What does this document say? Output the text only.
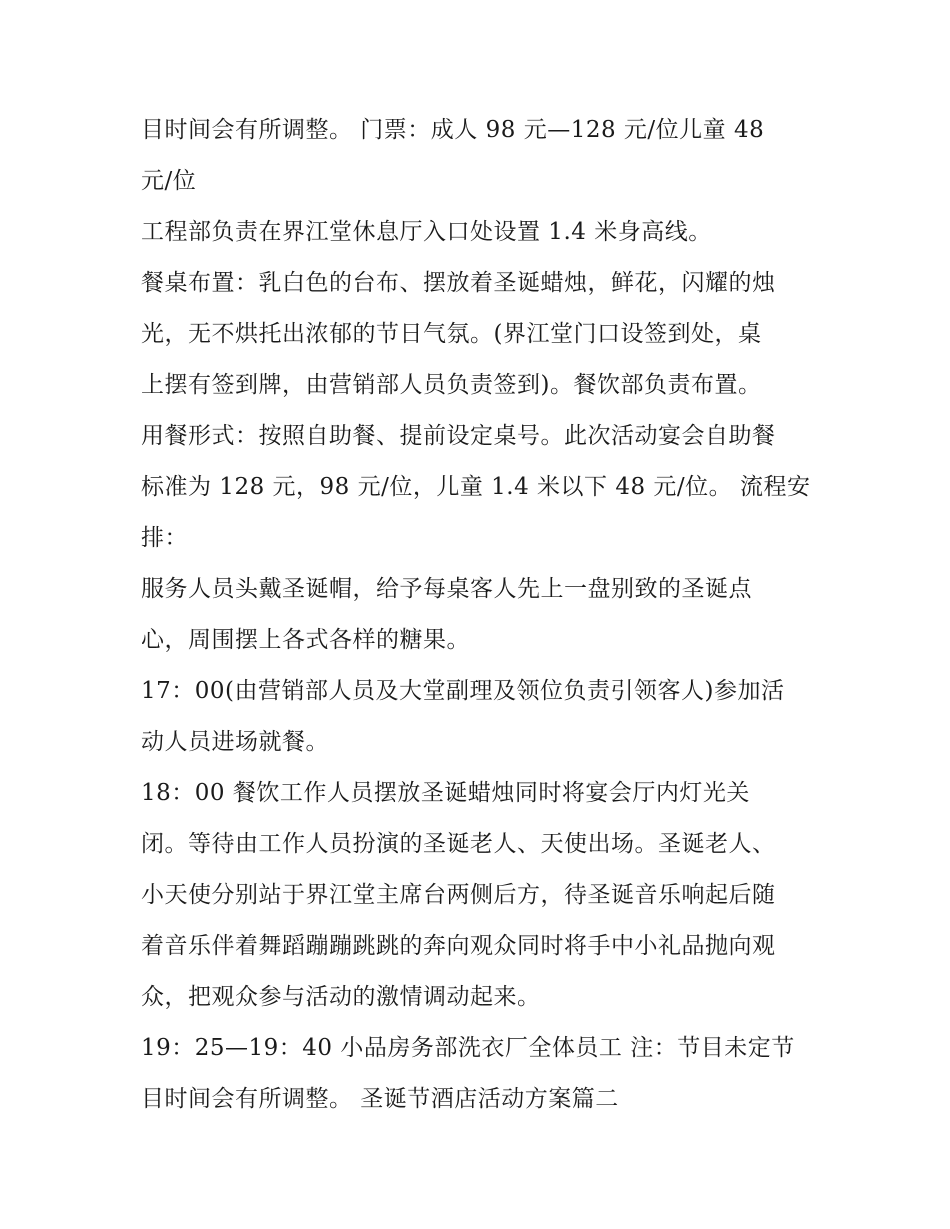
目时间会有所调整。 门票：成人 98 元—128 元/位儿童 48
元/位
工程部负责在界江堂休息厅入口处设置 1.4 米身高线。
餐桌布置：乳白色的台布、摆放着圣诞蜡烛，鲜花，闪耀的烛
光，无不烘托出浓郁的节日气氛。(界江堂门口设签到处，桌
上摆有签到牌，由营销部人员负责签到)。餐饮部负责布置。
用餐形式：按照自助餐、提前设定桌号。此次活动宴会自助餐
标准为 128 元，98 元/位，儿童 1.4 米以下 48 元/位。 流程安
排：
服务人员头戴圣诞帽，给予每桌客人先上一盘别致的圣诞点
心，周围摆上各式各样的糖果。
17：00(由营销部人员及大堂副理及领位负责引领客人)参加活
动人员进场就餐。
18：00 餐饮工作人员摆放圣诞蜡烛同时将宴会厅内灯光关
闭。等待由工作人员扮演的圣诞老人、天使出场。圣诞老人、
小天使分别站于界江堂主席台两侧后方，待圣诞音乐响起后随
着音乐伴着舞蹈蹦蹦跳跳的奔向观众同时将手中小礼品抛向观
众，把观众参与活动的激情调动起来。
19：25—19：40 小品房务部洗衣厂全体员工 注：节目未定节
目时间会有所调整。 圣诞节酒店活动方案篇二
